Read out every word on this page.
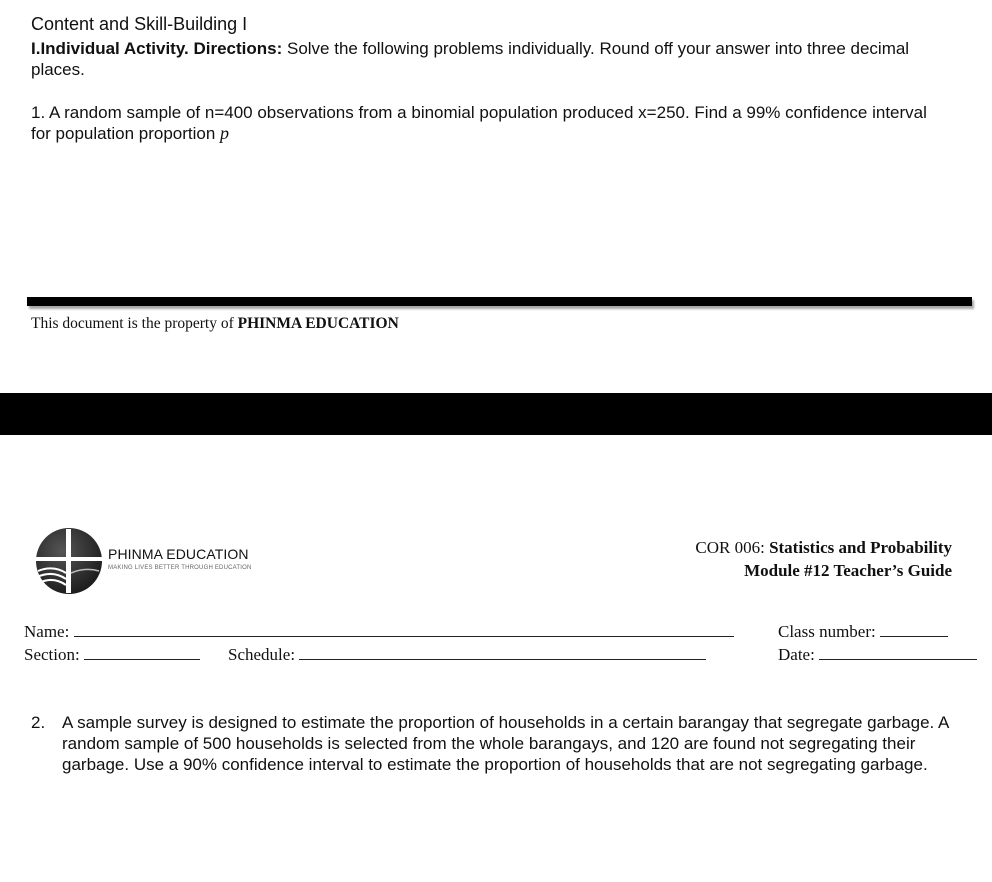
Content and Skill-Building I
I.Individual Activity. Directions: Solve the following problems individually. Round off your answer into three decimal places.
1. A random sample of n=400 observations from a binomial population produced x=250. Find a 99% confidence interval for population proportion p
This document is the property of PHINMA EDUCATION
PHINMA EDUCATION
MAKING LIVES BETTER THROUGH EDUCATION
COR 006: Statistics and Probability
Module #12 Teacher’s Guide
Name:	Class number:
Section:	Schedule:	Date:
2. A sample survey is designed to estimate the proportion of households in a certain barangay that segregate garbage. A random sample of 500 households is selected from the whole barangays, and 120 are found not segregating their garbage. Use a 90% confidence interval to estimate the proportion of households that are not segregating garbage.
